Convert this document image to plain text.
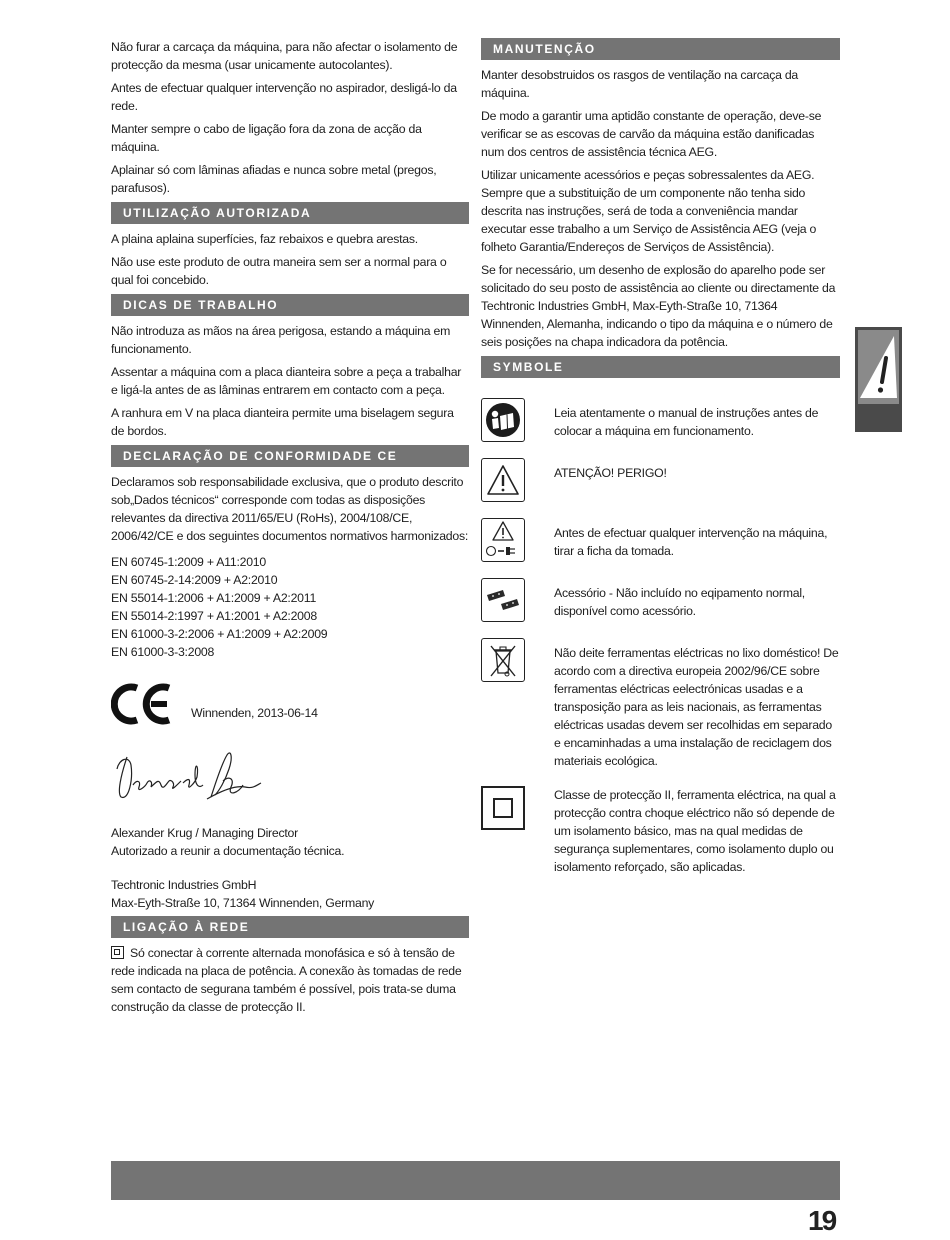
Não furar a carcaça da máquina, para não afectar o isolamento de protecção da mesma (usar unicamente autocolantes).

Antes de efectuar qualquer intervenção no aspirador, desligá-lo da rede.

Manter sempre o cabo de ligação fora da zona de acção da máquina.

Aplainar só com lâminas afiadas e nunca sobre metal (pregos, parafusos).

UTILIZAÇÃO AUTORIZADA

A plaina aplaina superfícies, faz rebaixos e quebra arestas.

Não use este produto de outra maneira sem ser a normal para o qual foi concebido.

DICAS DE TRABALHO

Não introduza as mãos na área perigosa, estando a máquina em funcionamento.

Assentar a máquina com a placa dianteira sobre a peça a trabalhar e ligá-la antes de as lâminas entrarem em contacto com a peça.

A ranhura em V na placa dianteira permite uma biselagem segura de bordos.

DECLARAÇÃO DE CONFORMIDADE CE

Declaramos sob responsabilidade exclusiva, que o produto descrito sob„Dados técnicos“ corresponde com todas as disposições relevantes da directiva 2011/65/EU (RoHs), 2004/108/CE, 2006/42/CE e dos seguintes documentos normativos harmonizados:

EN 60745-1:2009 + A11:2010
EN 60745-2-14:2009 + A2:2010
EN 55014-1:2006 + A1:2009 + A2:2011
EN 55014-2:1997 + A1:2001 + A2:2008
EN 61000-3-2:2006 + A1:2009 + A2:2009
EN 61000-3-3:2008
Winnenden, 2013-06-14
Alexander Krug / Managing Director
Autorizado a reunir a documentação técnica.
Techtronic Industries GmbH
Max-Eyth-Straße 10, 71364 Winnenden, Germany
LIGAÇÃO À REDE

Só conectar à corrente alternada monofásica e só à tensão de rede indicada na placa de potência. A conexão às tomadas de rede sem contacto de segurana também é possível, pois trata-se duma construção da classe de protecção II.

MANUTENÇÃO

Manter desobstruidos os rasgos de ventilação na carcaça da máquina.

De modo a garantir uma aptidão constante de operação, deve-se verificar se as escovas de carvão da máquina estão danificadas num dos centros de assistência técnica AEG.

Utilizar unicamente acessórios e peças sobressalentes da AEG. Sempre que a substituição de um componente não tenha sido descrita nas instruções, será de toda a conveniência mandar executar esse trabalho a um Serviço de Assistência AEG (veja o folheto Garantia/Endereços de Serviços de Assistência).

Se for necessário, um desenho de explosão do aparelho pode ser solicitado do seu posto de assistência ao cliente ou directamente da Techtronic Industries GmbH, Max-Eyth-Straße 10, 71364 Winnenden, Alemanha, indicando o tipo da máquina e o número de seis posições na chapa indicadora da potência.

SYMBOLE
Leia atentamente o manual de instruções antes de colocar a máquina em funcionamento.
ATENÇÃO! PERIGO!
Antes de efectuar qualquer intervenção na máquina, tirar a ficha da tomada.
Acessório - Não incluído no eqipamento normal, disponível como acessório.
Não deite ferramentas eléctricas no lixo doméstico! De acordo com a directiva europeia 2002/96/CE sobre ferramentas eléctricas eelectrónicas usadas e a transposição para as leis nacionais, as ferramentas eléctricas usadas devem ser recolhidas em separado e encaminhadas a uma instalação de reciclagem dos materiais ecológica.
Classe de protecção II, ferramenta eléctrica, na qual a protecção contra choque eléctrico não só depende de um isolamento básico, mas na qual medidas de segurança suplementares, como isolamento duplo ou isolamento reforçado, são aplicadas.
19
